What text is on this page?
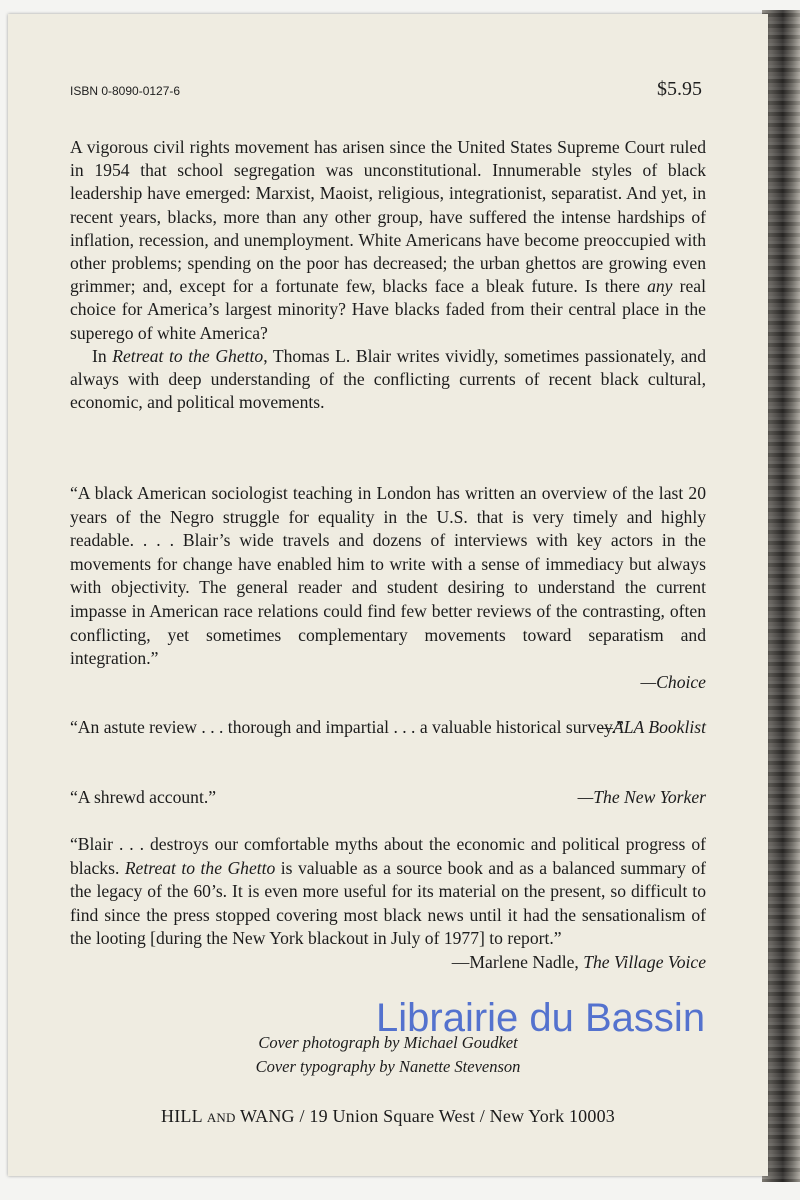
ISBN 0-8090-0127-6	$5.95

A vigorous civil rights movement has arisen since the United States Supreme Court ruled in 1954 that school segregation was unconstitutional. Innumerable styles of black leadership have emerged: Marxist, Maoist, religious, integrationist, separatist. And yet, in recent years, blacks, more than any other group, have suffered the intense hardships of inflation, recession, and unemployment. White Americans have become preoccupied with other problems; spending on the poor has decreased; the urban ghettos are growing even grimmer; and, except for a fortunate few, blacks face a bleak future. Is there any real choice for America’s largest minority? Have blacks faded from their central place in the superego of white America?

In Retreat to the Ghetto, Thomas L. Blair writes vividly, sometimes passionately, and always with deep understanding of the conflicting currents of recent black cultural, economic, and political movements.

“A black American sociologist teaching in London has written an overview of the last 20 years of the Negro struggle for equality in the U.S. that is very timely and highly readable. . . . Blair’s wide travels and dozens of interviews with key actors in the movements for change have enabled him to write with a sense of immediacy but always with objectivity. The general reader and student desiring to understand the current impasse in American race relations could find few better reviews of the contrasting, often conflicting, yet sometimes complementary movements toward separatism and integration.”

—Choice

“An astute review . . . thorough and impartial . . . a valuable historical survey.”

—ALA Booklist
“A shrewd account.”	—The New Yorker

“Blair . . . destroys our comfortable myths about the economic and political progress of blacks. Retreat to the Ghetto is valuable as a source book and as a balanced summary of the legacy of the 60’s. It is even more useful for its material on the present, so difficult to find since the press stopped covering most black news until it had the sensationalism of the looting [during the New York blackout in July of 1977] to report.”

—Marlene Nadle, The Village Voice
Cover photograph by Michael Goudket
Cover typography by Nanette Stevenson
HILL AND WANG / 19 Union Square West / New York 10003
Librairie du Bassin
